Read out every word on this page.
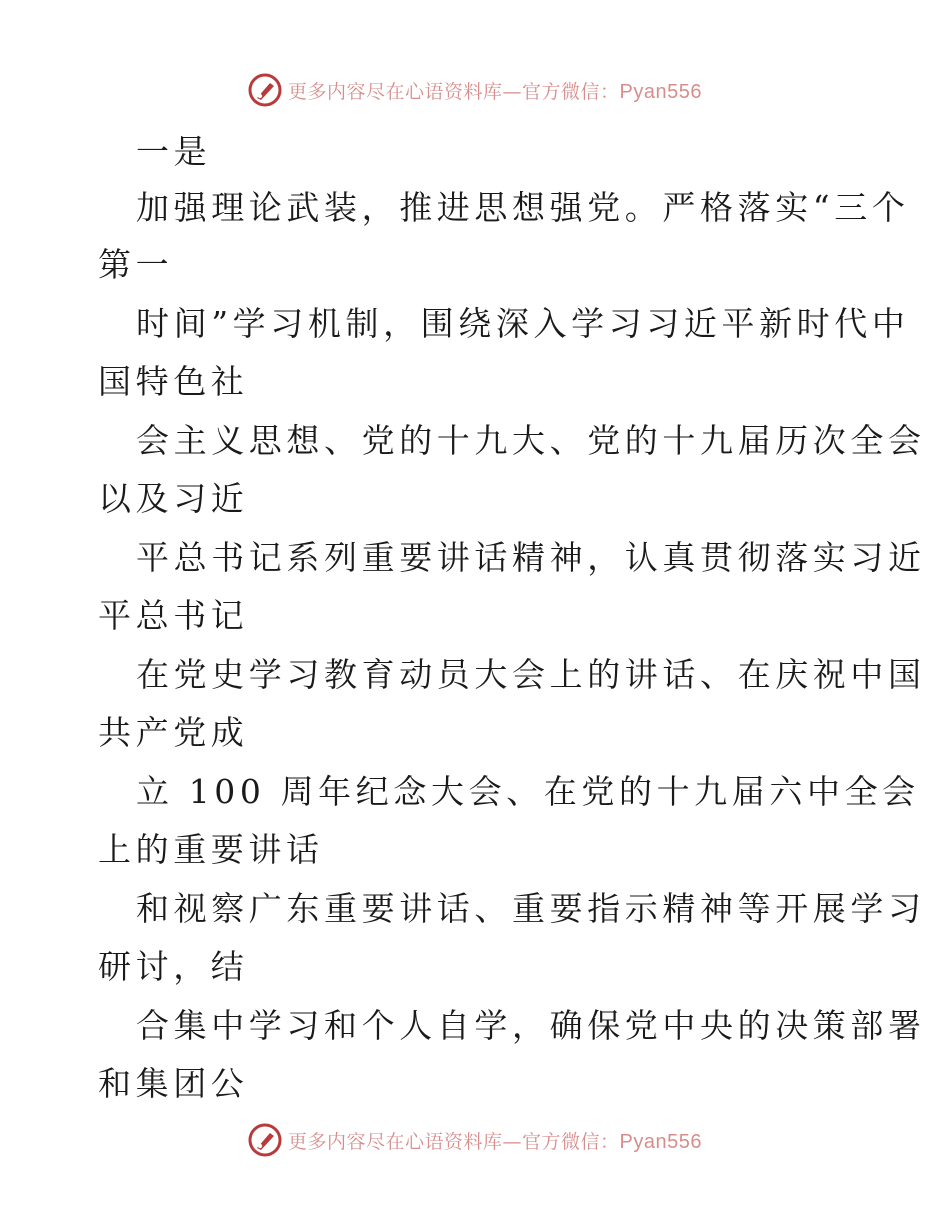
更多内容尽在心语资料库—官方微信：Pyan556
一是
加强理论武装，推进思想强党。严格落实“三个
第一
时间”学习机制，围绕深入学习习近平新时代中
国特色社
会主义思想、党的十九大、党的十九届历次全会
以及习近
平总书记系列重要讲话精神，认真贯彻落实习近
平总书记
在党史学习教育动员大会上的讲话、在庆祝中国
共产党成
立 100 周年纪念大会、在党的十九届六中全会
上的重要讲话
和视察广东重要讲话、重要指示精神等开展学习
研讨，结
合集中学习和个人自学，确保党中央的决策部署
和集团公
更多内容尽在心语资料库—官方微信：Pyan556
